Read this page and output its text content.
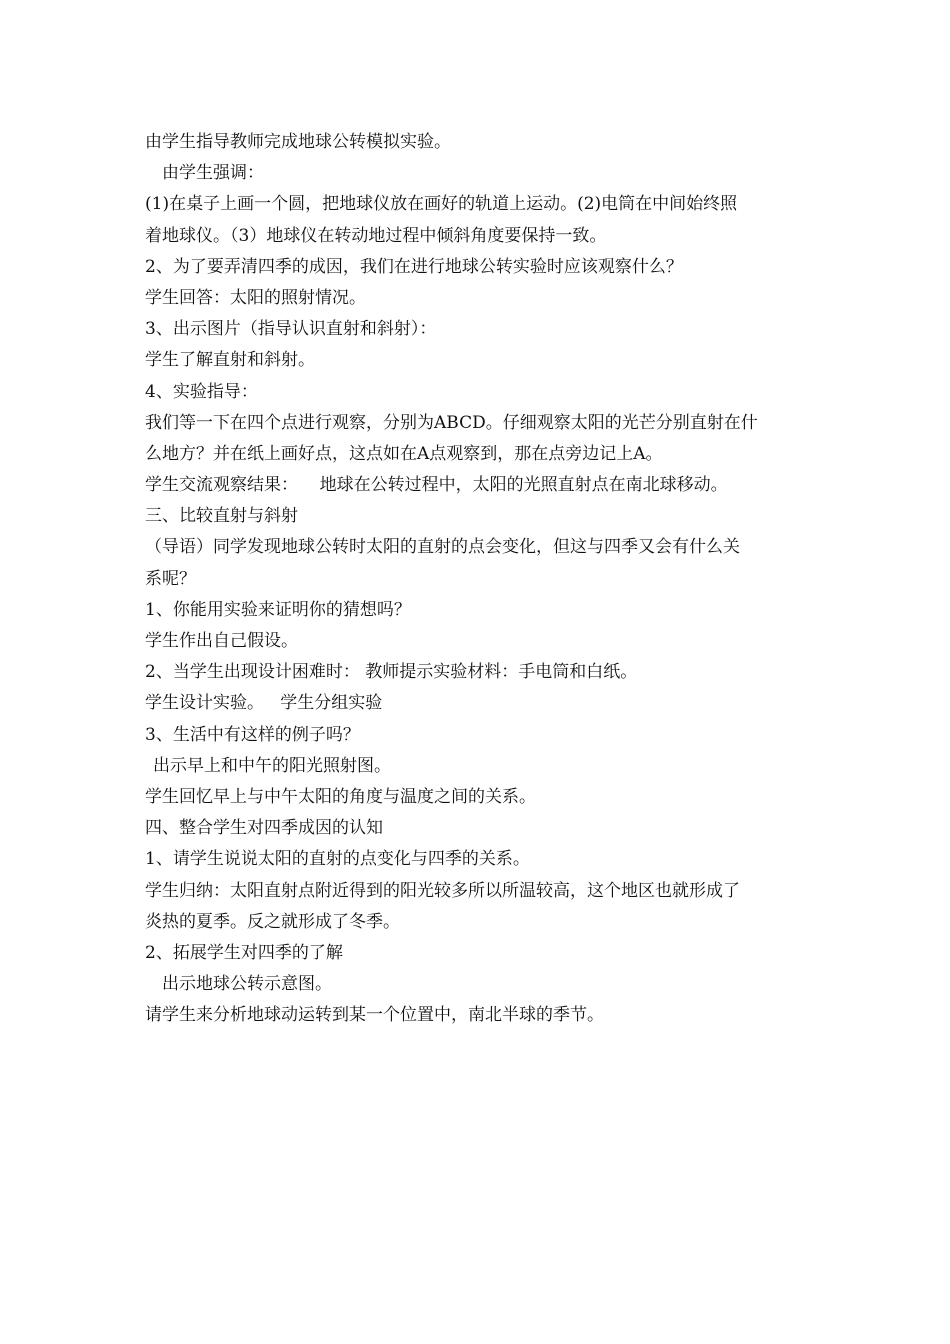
由学生指导教师完成地球公转模拟实验。
由学生强调：
(1)在桌子上画一个圆，把地球仪放在画好的轨道上运动。(2)电筒在中间始终照
着地球仪。（3）地球仪在转动地过程中倾斜角度要保持一致。
2、为了要弄清四季的成因，我们在进行地球公转实验时应该观察什么？
学生回答：太阳的照射情况。
3、出示图片（指导认识直射和斜射）：
学生了解直射和斜射。
4、实验指导：
我们等一下在四个点进行观察，分别为ABCD。仔细观察太阳的光芒分别直射在什
么地方？并在纸上画好点，这点如在A点观察到，那在点旁边记上A。
学生交流观察结果：    地球在公转过程中，太阳的光照直射点在南北球移动。
三、比较直射与斜射
（导语）同学发现地球公转时太阳的直射的点会变化，但这与四季又会有什么关
系呢？
1、你能用实验来证明你的猜想吗？
学生作出自己假设。
2、当学生出现设计困难时： 教师提示实验材料：手电筒和白纸。
学生设计实验。   学生分组实验
3、生活中有这样的例子吗？
出示早上和中午的阳光照射图。
学生回忆早上与中午太阳的角度与温度之间的关系。
四、整合学生对四季成因的认知
1、请学生说说太阳的直射的点变化与四季的关系。
学生归纳：太阳直射点附近得到的阳光较多所以所温较高，这个地区也就形成了
炎热的夏季。反之就形成了冬季。
2、拓展学生对四季的了解
出示地球公转示意图。
请学生来分析地球动运转到某一个位置中，南北半球的季节。
